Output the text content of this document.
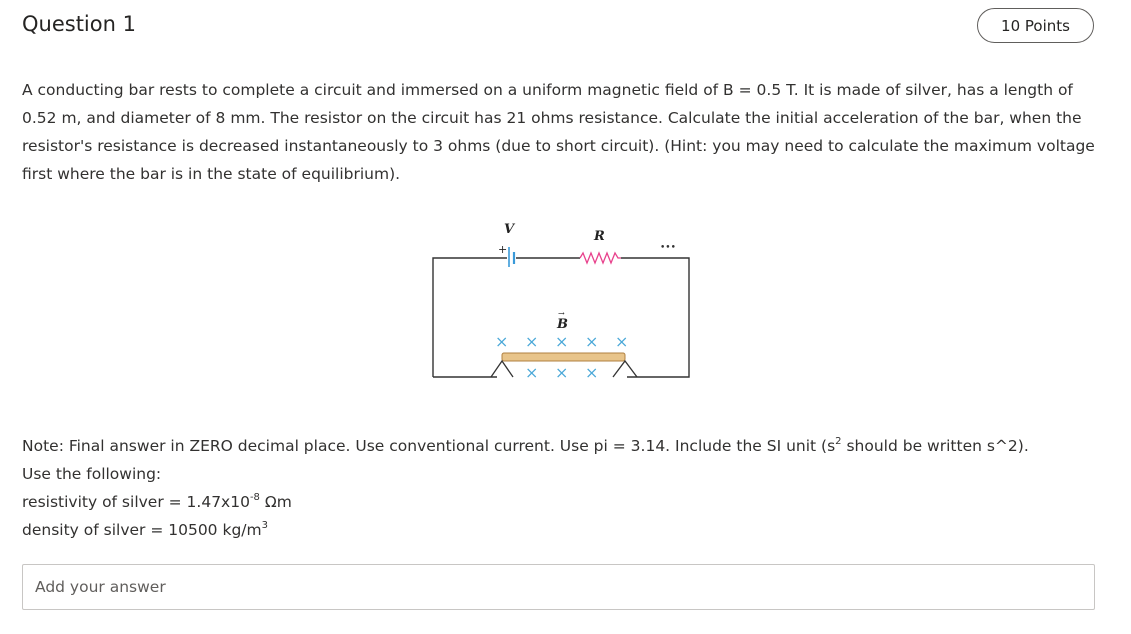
Question 1	10 Points
A conducting bar rests to complete a circuit and immersed on a uniform magnetic field of B = 0.5 T. It is made of silver, has a length of 0.52 m, and diameter of 8 mm. The resistor on the circuit has 21 ohms resistance. Calculate the initial acceleration of the bar, when the resistor's resistance is decreased instantaneously to 3 ohms (due to short circuit). (Hint: you may need to calculate the maximum voltage first where the bar is in the state of equilibrium).
+
V	R
•••
B
→
× × × × ×
× × ×

Note: Final answer in ZERO decimal place. Use conventional current. Use pi = 3.14. Include the SI unit ($s^2$ should be written s^2).

Use the following:

resistivity of silver = $1.47x10^{-8}$ Ωm

density of silver = 10500 $kg/m^3$

Add your answer
